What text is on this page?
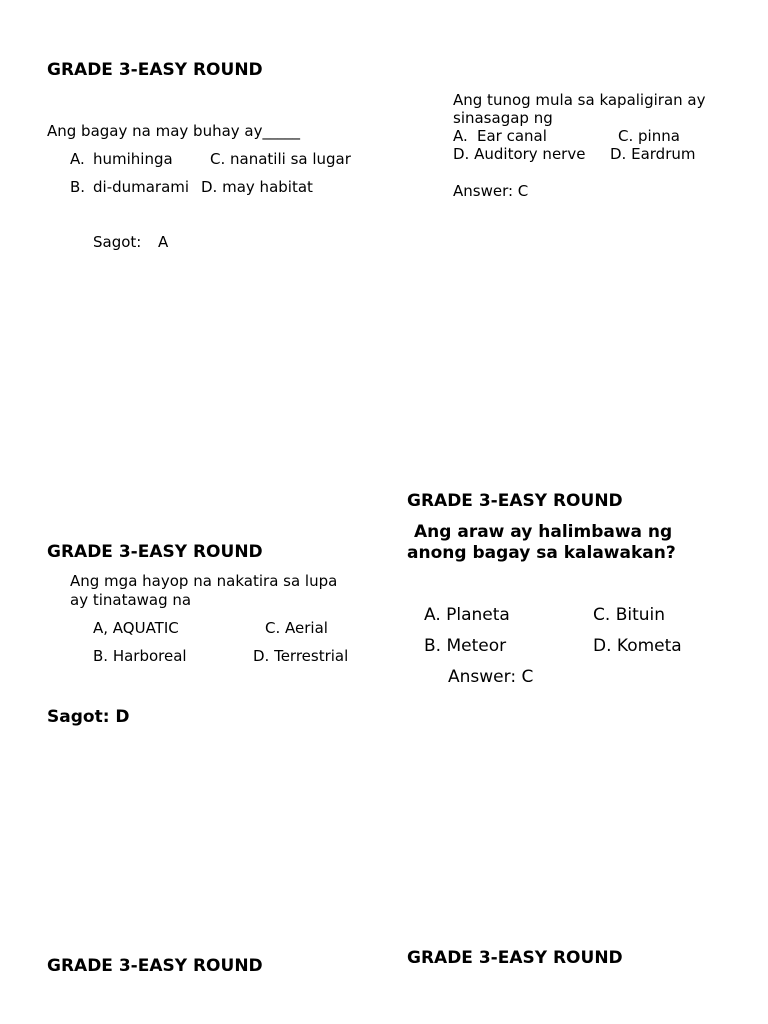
GRADE 3-EASY ROUND
Ang bagay na may buhay ay_____
A. humihinga C. nanatili sa lugar
B. di-dumarami D. may habitat
Sagot: A
Ang tunog mula sa kapaligiran ay
sinasagap ng
A. Ear canal	C. pinna
D. Auditory nerve D. Eardrum
Answer: C
GRADE 3-EASY ROUND
Ang araw ay halimbawa ng
anong bagay sa kalawakan?
A. Planeta	C. Bituin
B. Meteor	D. Kometa
Answer: C
GRADE 3-EASY ROUND
Ang mga hayop na nakatira sa lupa
ay tinatawag na
A, AQUATIC	C. Aerial
B. Harboreal	D. Terrestrial
Sagot: D
GRADE 3-EASY ROUND	GRADE 3-EASY ROUND
